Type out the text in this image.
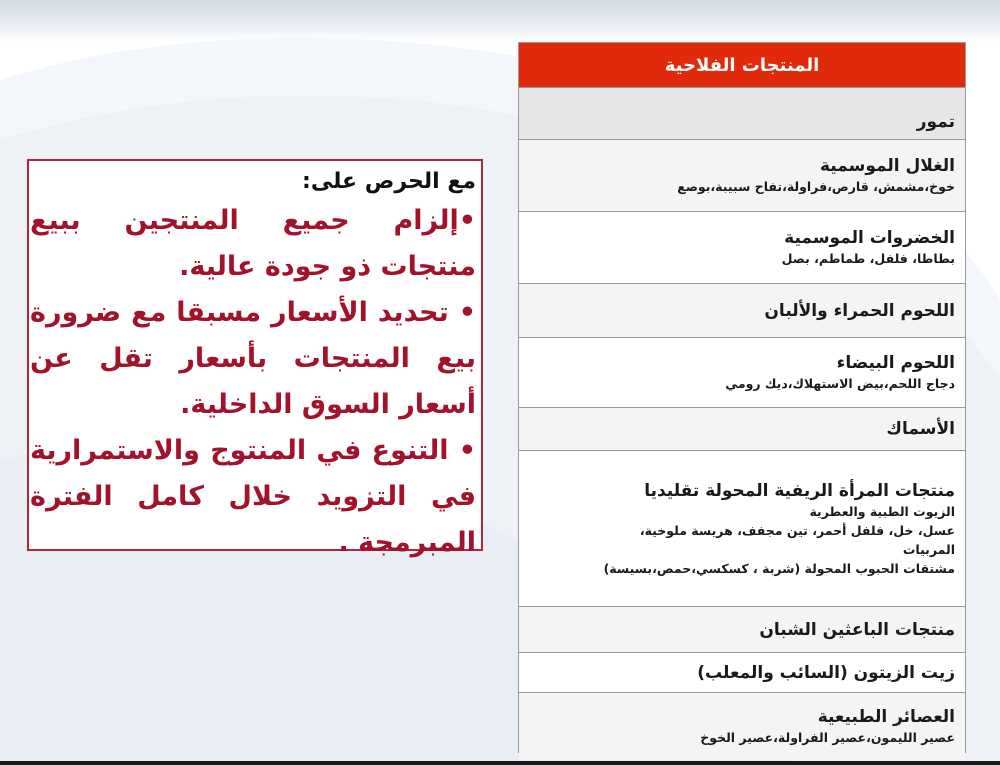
المنتجات الفلاحية
تمور
الغلال الموسمية
خوخ،مشمش، قارص،فراولة،تفاح سبيبة،بوصع
الخضروات الموسمية
بطاطا، فلفل، طماطم، بصل
اللحوم الحمراء والألبان
اللحوم البيضاء
دجاج اللحم،بيض الاستهلاك،ديك رومي
الأسماك
منتجات المرأة الريفية المحولة تقليديا
الزيوت الطبية والعطرية
عسل، خل، فلفل أحمر، تين مجفف، هريسة ملوخية،
المربيات
مشتقات الحبوب المحولة (شربة ، كسكسي،حمص،بسيسة)
منتجات الباعثين الشبان
زيت الزيتون (السائب والمعلب)
العصائر الطبيعية
عصير الليمون،عصير الفراولة،عصير الخوخ
مع الحرص على:
•إلزام جميع المنتجين ببيع منتجات ذو جودة عالية.
• تحديد الأسعار مسبقا مع ضرورة بيع المنتجات بأسعار تقل عن أسعار السوق الداخلية.
• التنوع في المنتوج والاستمرارية في التزويد خلال كامل الفترة المبرمجة .
